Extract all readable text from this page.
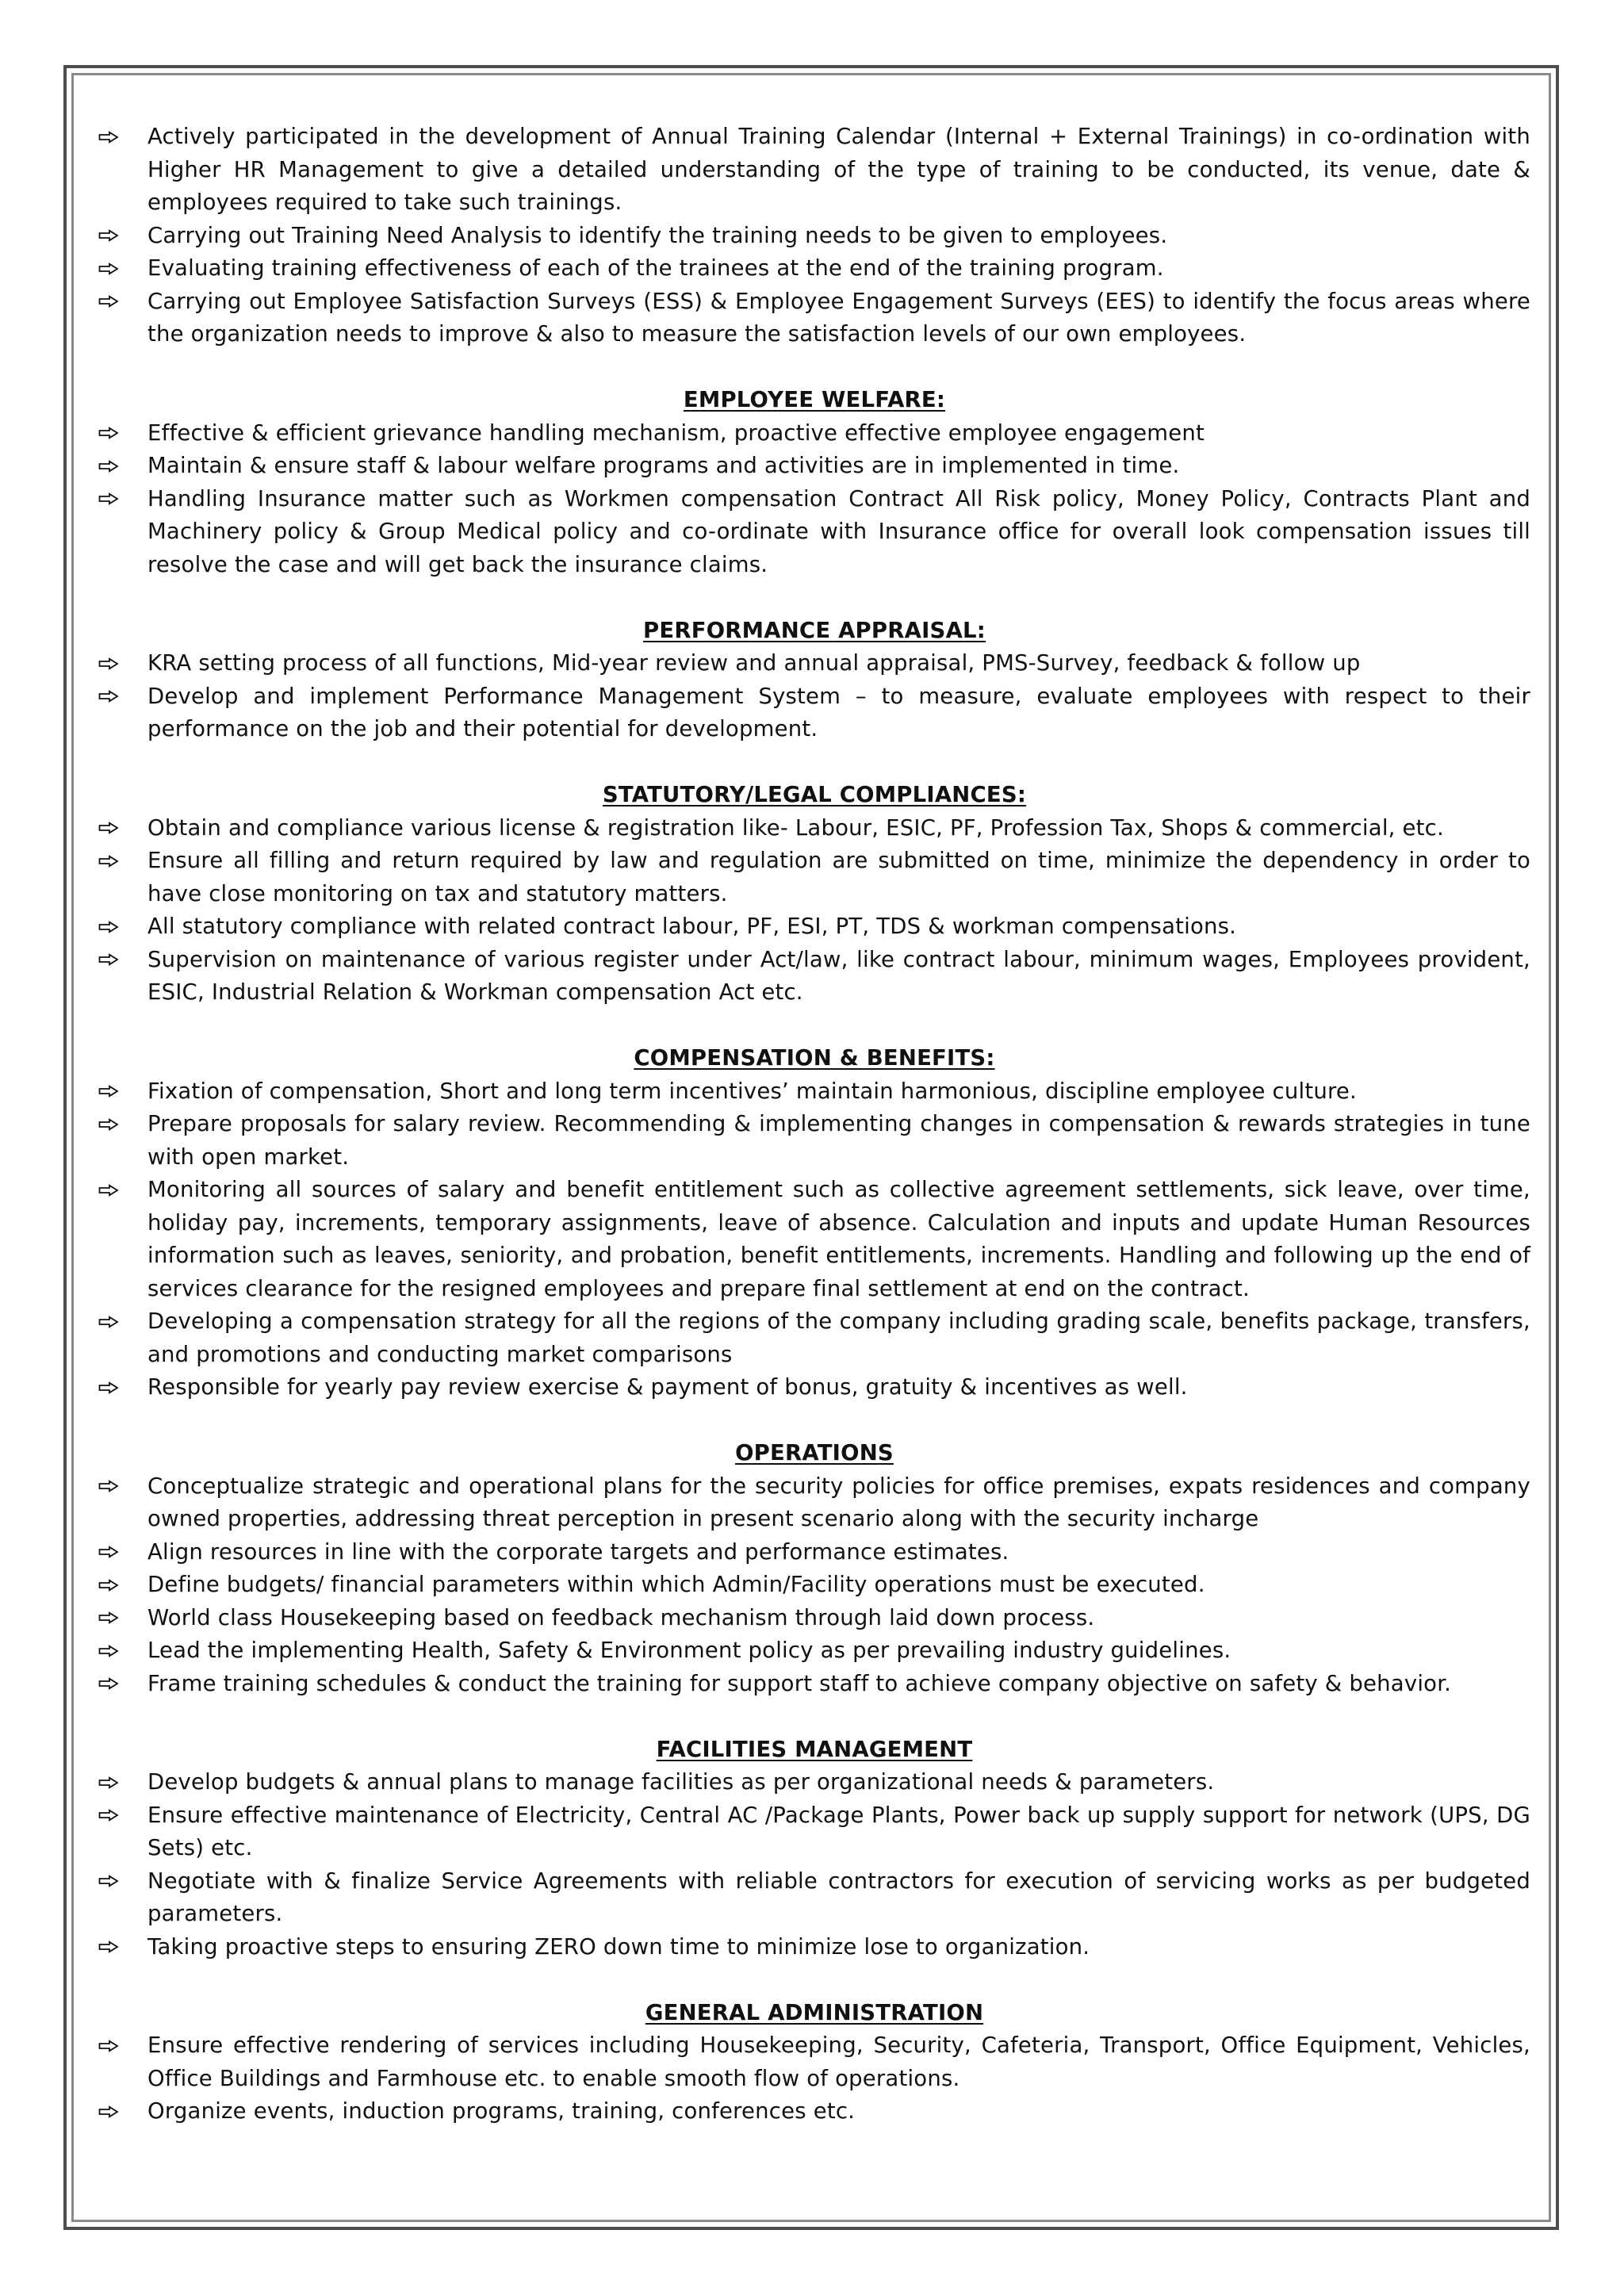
Actively participated in the development of Annual Training Calendar (Internal + External Trainings) in co-ordination with Higher HR Management to give a detailed understanding of the type of training to be conducted, its venue, date & employees required to take such trainings.
Carrying out Training Need Analysis to identify the training needs to be given to employees.
Evaluating training effectiveness of each of the trainees at the end of the training program.
Carrying out Employee Satisfaction Surveys (ESS) & Employee Engagement Surveys (EES) to identify the focus areas where the organization needs to improve & also to measure the satisfaction levels of our own employees.
EMPLOYEE WELFARE:
Effective & efficient grievance handling mechanism, proactive effective employee engagement
Maintain & ensure staff & labour welfare programs and activities are in implemented in time.
Handling Insurance matter such as Workmen compensation Contract All Risk policy, Money Policy, Contracts Plant and Machinery policy & Group Medical policy and co-ordinate with Insurance office for overall look compensation issues till resolve the case and will get back the insurance claims.
PERFORMANCE APPRAISAL:
KRA setting process of all functions, Mid-year review and annual appraisal, PMS-Survey, feedback & follow up
Develop and implement Performance Management System – to measure, evaluate employees with respect to their performance on the job and their potential for development.
STATUTORY/LEGAL COMPLIANCES:
Obtain and compliance various license & registration like- Labour, ESIC, PF, Profession Tax, Shops & commercial, etc.
Ensure all filling and return required by law and regulation are submitted on time, minimize the dependency in order to have close monitoring on tax and statutory matters.
All statutory compliance with related contract labour, PF, ESI, PT, TDS & workman compensations.
Supervision on maintenance of various register under Act/law, like contract labour, minimum wages, Employees provident, ESIC, Industrial Relation & Workman compensation Act etc.
COMPENSATION & BENEFITS:
Fixation of compensation, Short and long term incentives’ maintain harmonious, discipline employee culture.
Prepare proposals for salary review. Recommending & implementing changes in compensation & rewards strategies in tune with open market.
Monitoring all sources of salary and benefit entitlement such as collective agreement settlements, sick leave, over time, holiday pay, increments, temporary assignments, leave of absence. Calculation and inputs and update Human Resources information such as leaves, seniority, and probation, benefit entitlements, increments. Handling and following up the end of services clearance for the resigned employees and prepare final settlement at end on the contract.
Developing a compensation strategy for all the regions of the company including grading scale, benefits package, transfers, and promotions and conducting market comparisons
Responsible for yearly pay review exercise & payment of bonus, gratuity & incentives as well.
OPERATIONS
Conceptualize strategic and operational plans for the security policies for office premises, expats residences and company owned properties, addressing threat perception in present scenario along with the security incharge
Align resources in line with the corporate targets and performance estimates.
Define budgets/ financial parameters within which Admin/Facility operations must be executed.
World class Housekeeping based on feedback mechanism through laid down process.
Lead the implementing Health, Safety & Environment policy as per prevailing industry guidelines.
Frame training schedules & conduct the training for support staff to achieve company objective on safety & behavior.
FACILITIES MANAGEMENT
Develop budgets & annual plans to manage facilities as per organizational needs & parameters.
Ensure effective maintenance of Electricity, Central AC /Package Plants, Power back up supply support for network (UPS, DG Sets) etc.
Negotiate with & finalize Service Agreements with reliable contractors for execution of servicing works as per budgeted parameters.
Taking proactive steps to ensuring ZERO down time to minimize lose to organization.
GENERAL ADMINISTRATION
Ensure effective rendering of services including Housekeeping, Security, Cafeteria, Transport, Office Equipment, Vehicles, Office Buildings and Farmhouse etc. to enable smooth flow of operations.
Organize events, induction programs, training, conferences etc.
